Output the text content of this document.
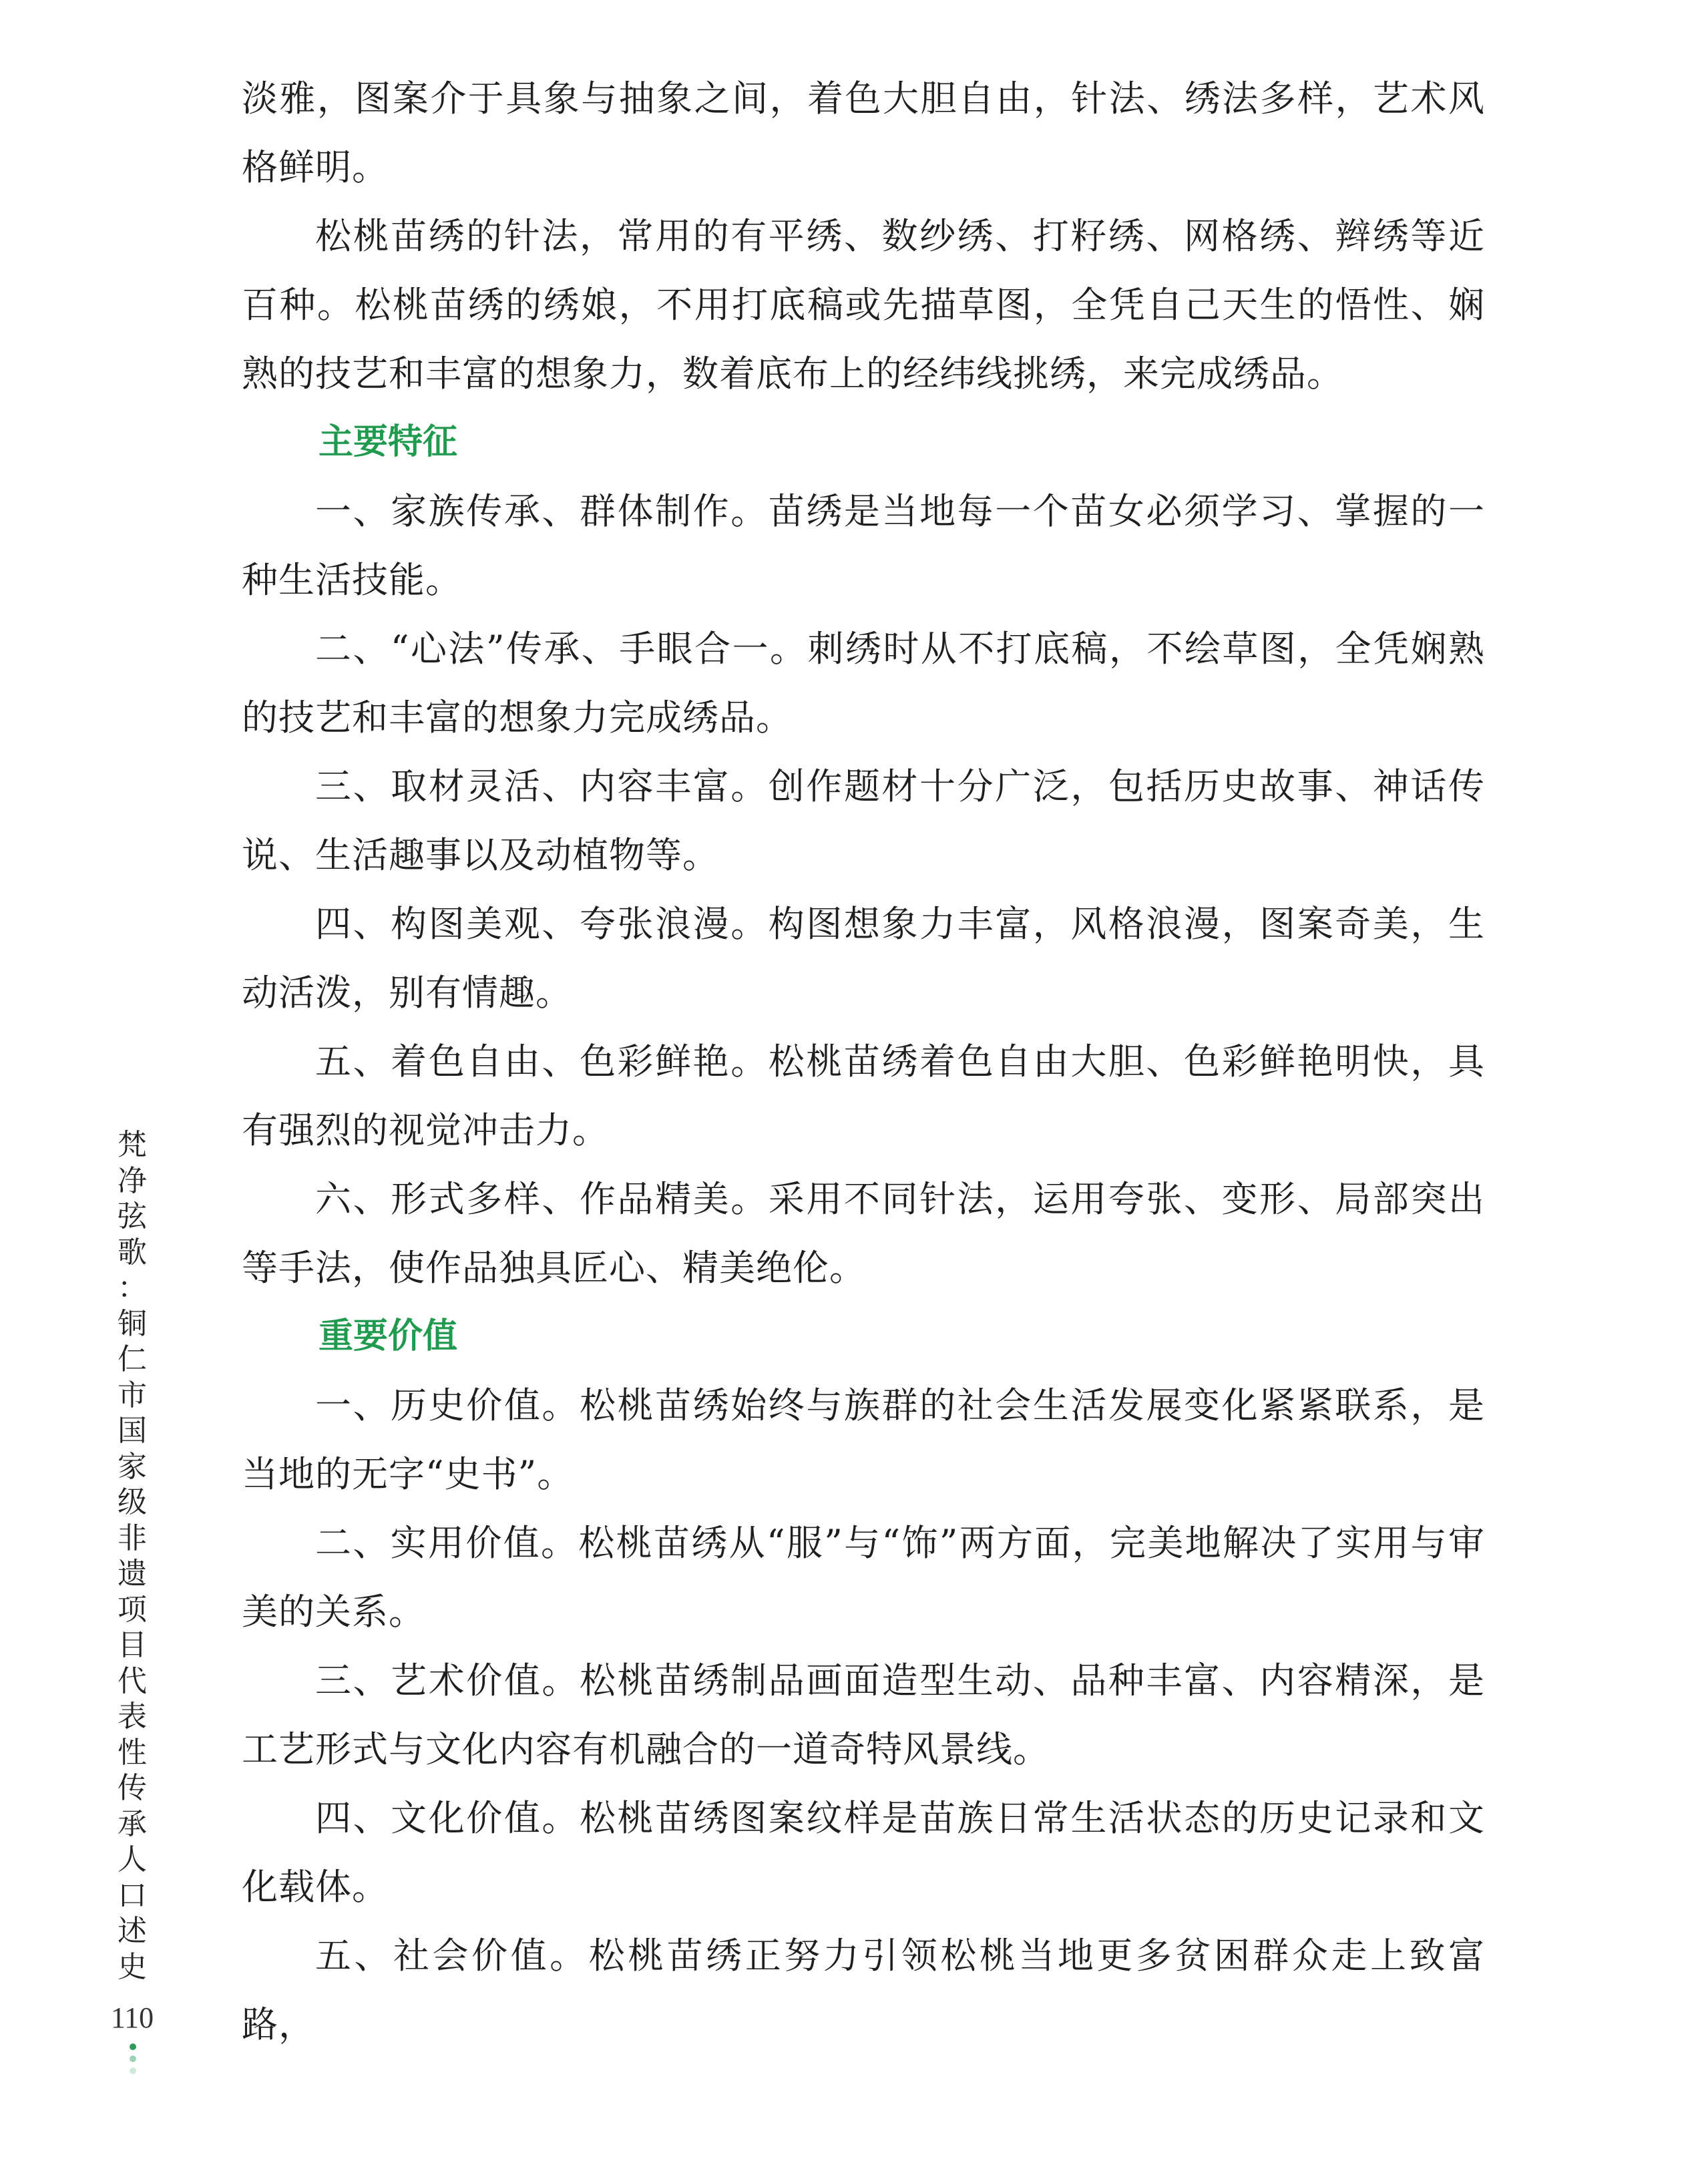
淡雅，图案介于具象与抽象之间，着色大胆自由，针法、绣法多样，艺术风格鲜明。

松桃苗绣的针法，常用的有平绣、数纱绣、打籽绣、网格绣、辫绣等近百种。松桃苗绣的绣娘，不用打底稿或先描草图，全凭自己天生的悟性、娴熟的技艺和丰富的想象力，数着底布上的经纬线挑绣，来完成绣品。

主要特征

一、家族传承、群体制作。苗绣是当地每一个苗女必须学习、掌握的一种生活技能。

二、“心法”传承、手眼合一。刺绣时从不打底稿，不绘草图，全凭娴熟的技艺和丰富的想象力完成绣品。

三、取材灵活、内容丰富。创作题材十分广泛，包括历史故事、神话传说、生活趣事以及动植物等。

四、构图美观、夸张浪漫。构图想象力丰富，风格浪漫，图案奇美，生动活泼，别有情趣。

五、着色自由、色彩鲜艳。松桃苗绣着色自由大胆、色彩鲜艳明快，具有强烈的视觉冲击力。

六、形式多样、作品精美。采用不同针法，运用夸张、变形、局部突出等手法，使作品独具匠心、精美绝伦。

重要价值

一、历史价值。松桃苗绣始终与族群的社会生活发展变化紧紧联系，是当地的无字“史书”。

二、实用价值。松桃苗绣从“服”与“饰”两方面，完美地解决了实用与审美的关系。

三、艺术价值。松桃苗绣制品画面造型生动、品种丰富、内容精深，是工艺形式与文化内容有机融合的一道奇特风景线。

四、文化价值。松桃苗绣图案纹样是苗族日常生活状态的历史记录和文化载体。

五、社会价值。松桃苗绣正努力引领松桃当地更多贫困群众走上致富路，

梵
净
弦
歌
：
铜
仁
市
国
家
级
非
遗
项
目
代
表
性
传
承
人
口
述
史
110
